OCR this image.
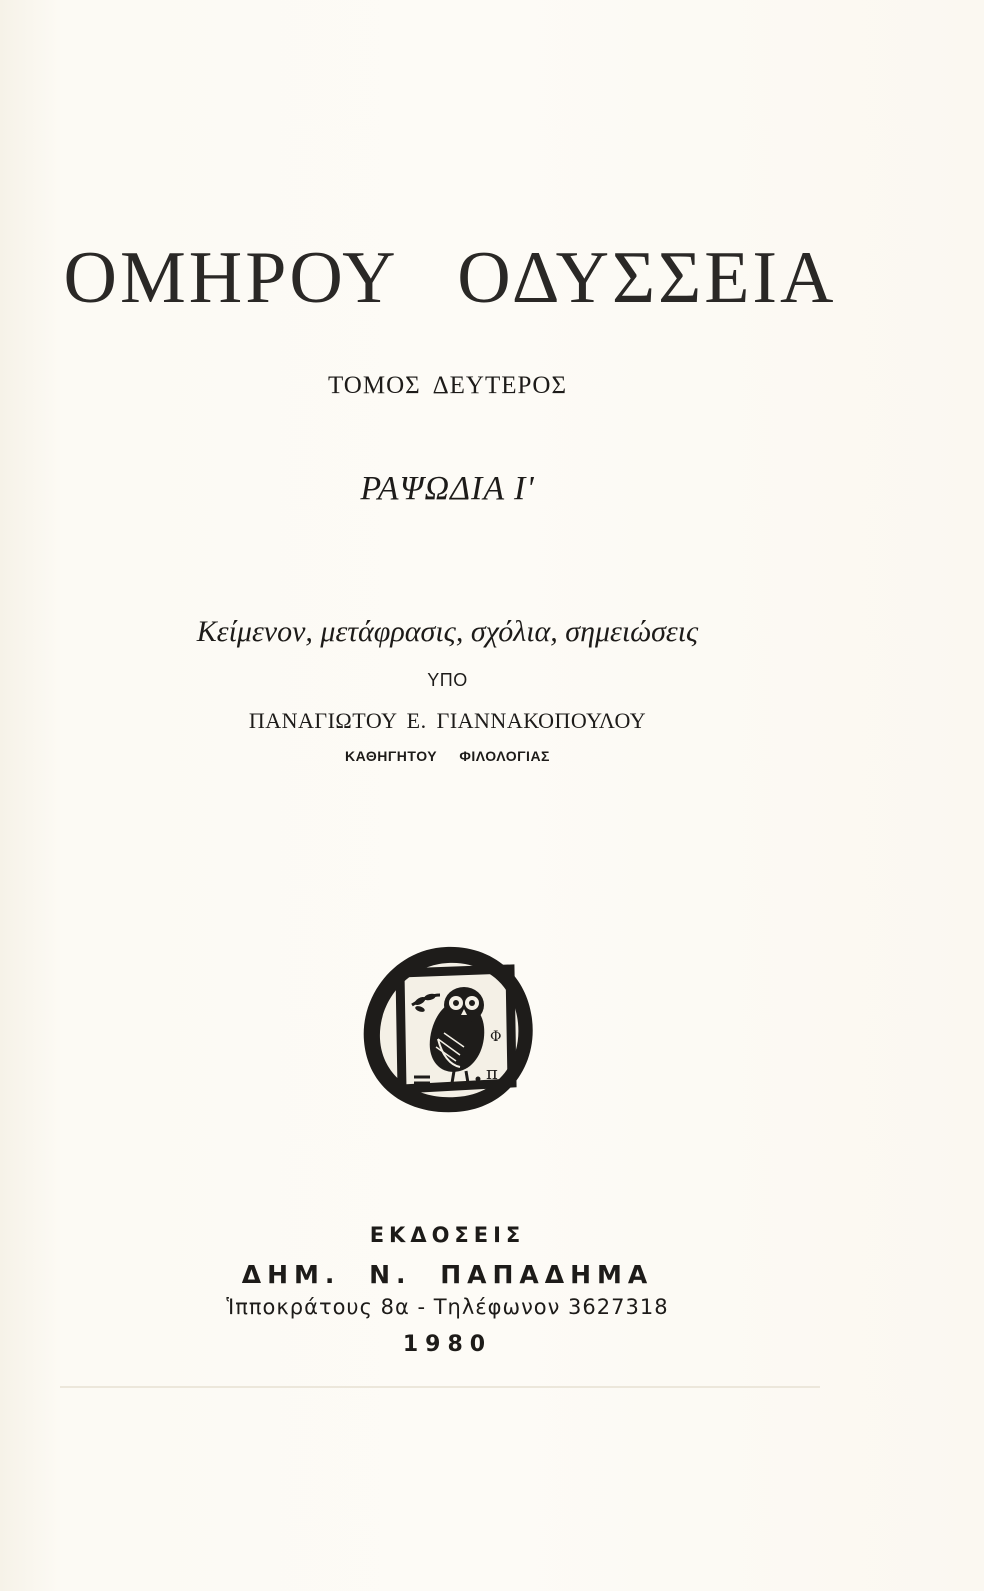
ΟΜΗΡΟΥ ΟΔΥΣΣΕΙΑ
ΤΟΜΟΣ ΔΕΥΤΕΡΟΣ
ΡΑΨΩΔΙΑ Ι'
Κείμενον, μετάφρασις, σχόλια, σημειώσεις
ΥΠΟ
ΠΑΝΑΓΙΩΤΟΥ Ε. ΓΙΑΝΝΑΚΟΠΟΥΛΟΥ
ΚΑΘΗΓΗΤΟΥ ΦΙΛΟΛΟΓΙΑΣ
Φ
π
ΕΚΔΟΣΕΙΣ
ΔΗΜ. Ν. ΠΑΠΑΔΗΜΑ
Ἱπποκράτους 8α - Τηλέφωνον 3627318
1980
